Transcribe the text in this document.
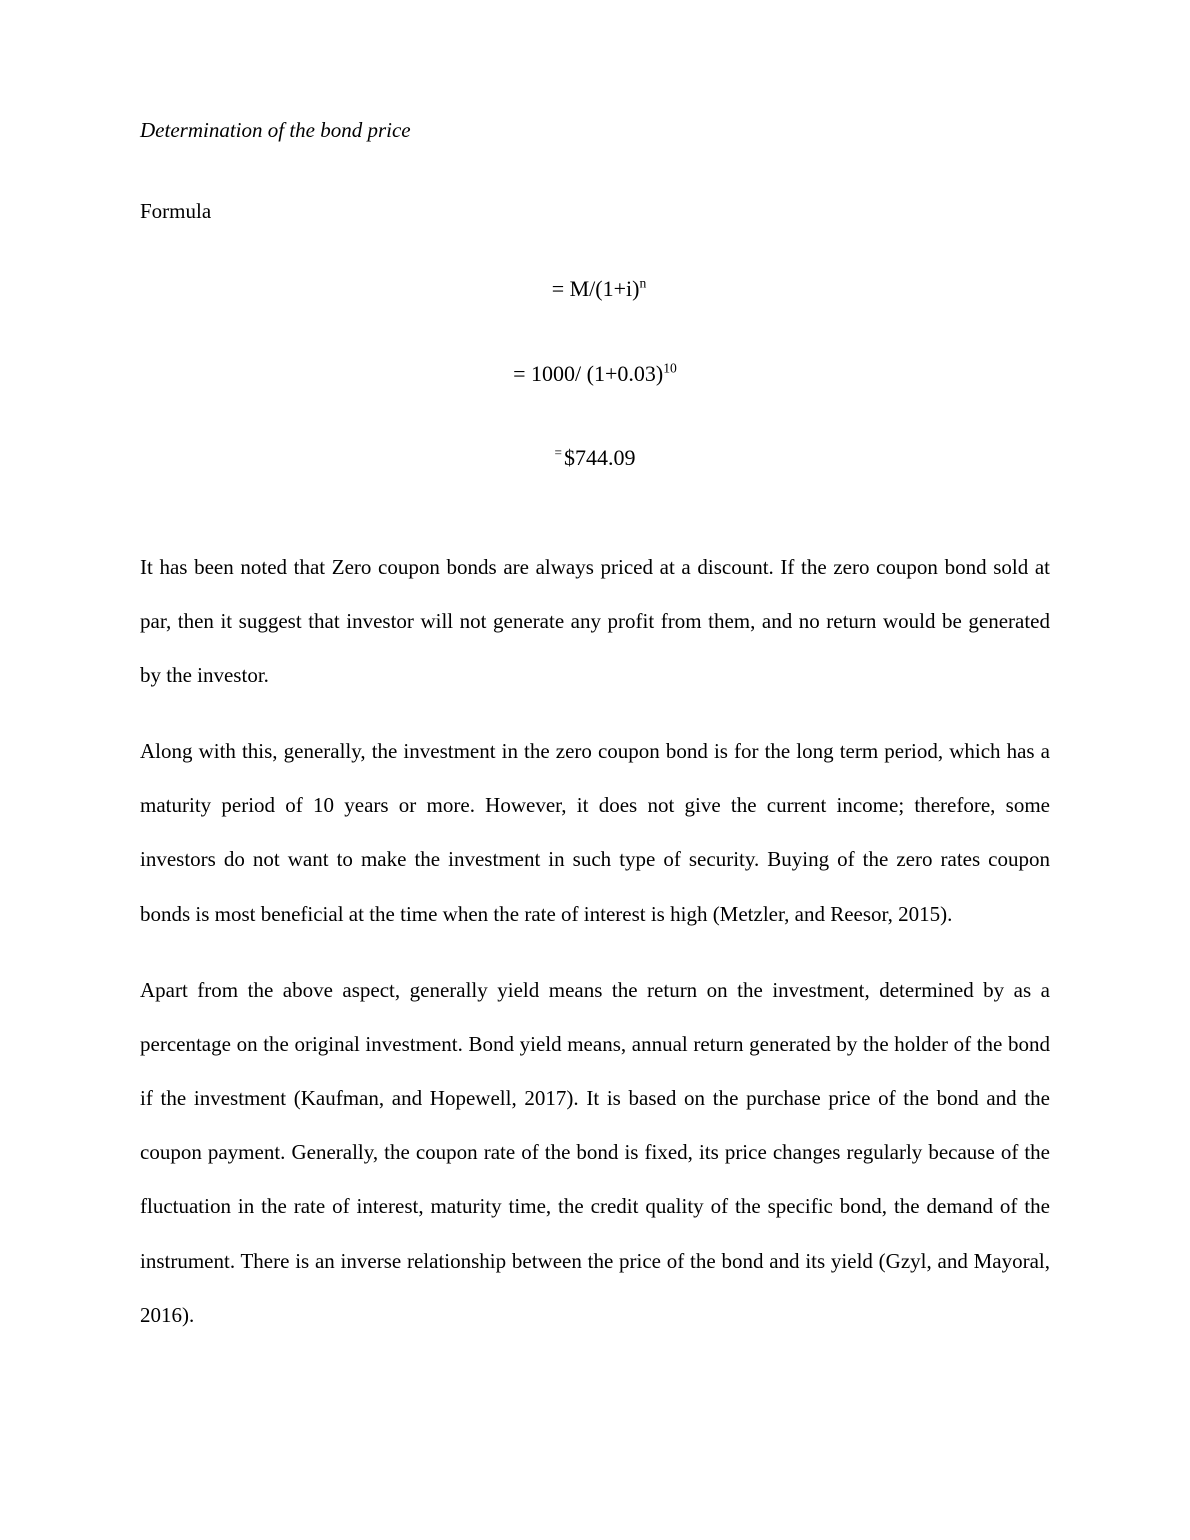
Determination of the bond price

Formula

= $M/(1+i)^n$

= 1000/ $(1+0.03)^{10}$

=$744.09

It has been noted that Zero coupon bonds are always priced at a discount. If the zero coupon bond sold at par, then it suggest that investor will not generate any profit from them, and no return would be generated by the investor.

Along with this, generally, the investment in the zero coupon bond is for the long term period, which has a maturity period of 10 years or more. However, it does not give the current income; therefore, some investors do not want to make the investment in such type of security. Buying of the zero rates coupon bonds is most beneficial at the time when the rate of interest is high (Metzler, and Reesor, 2015).

Apart from the above aspect, generally yield means the return on the investment, determined by as a percentage on the original investment. Bond yield means, annual return generated by the holder of the bond if the investment (Kaufman, and Hopewell, 2017). It is based on the purchase price of the bond and the coupon payment. Generally, the coupon rate of the bond is fixed, its price changes regularly because of the fluctuation in the rate of interest, maturity time, the credit quality of the specific bond, the demand of the instrument. There is an inverse relationship between the price of the bond and its yield (Gzyl, and Mayoral, 2016).
